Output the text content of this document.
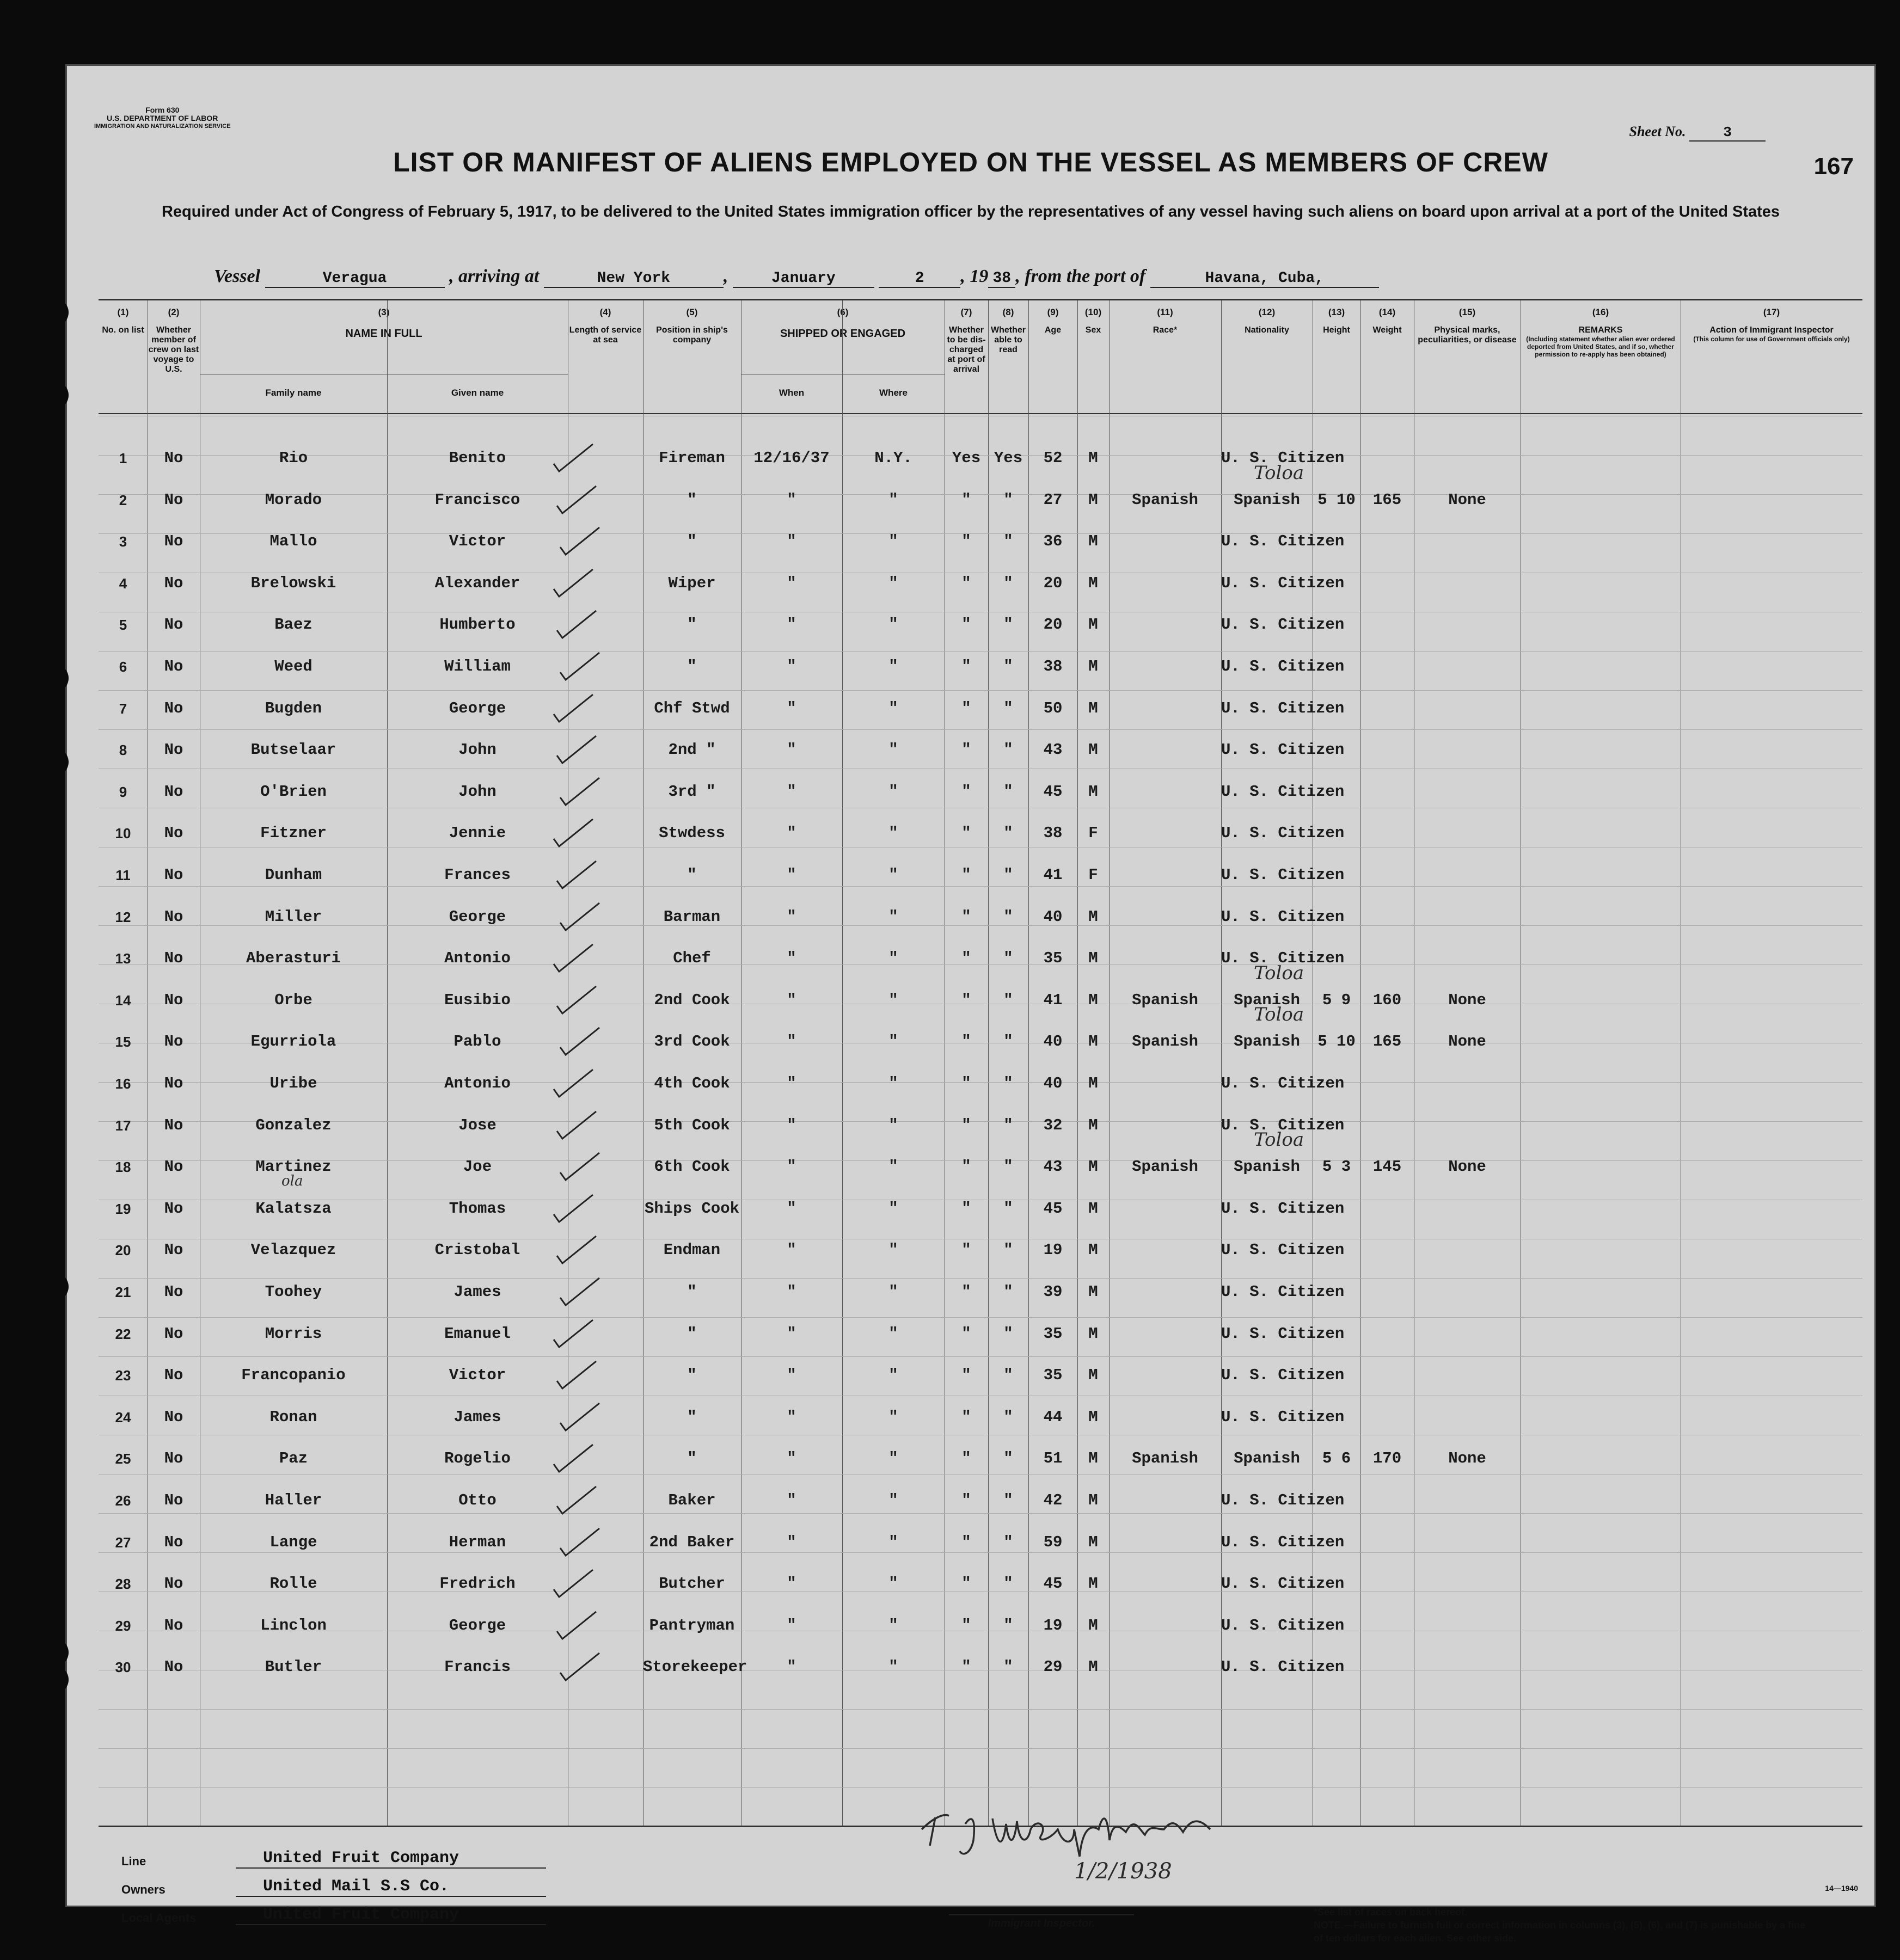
Form 630
U.S. DEPARTMENT OF LABOR
IMMIGRATION AND NATURALIZATION SERVICE	Sheet No.	3
167
LIST OR MANIFEST OF ALIENS EMPLOYED ON THE VESSEL AS MEMBERS OF CREW
Required under Act of Congress of February 5, 1917, to be delivered to the United States immigration officer by the representatives of any vessel having such aliens on board upon arrival at a port of the United States
Vessel	Veragua	, arriving at	New York	,	January	2 , 19 38 , from the port of	Havana, Cuba,
(1)
No. on list
(2)
Whether member of crew on last voyage to U.S.
(3)
NAME IN FULL
(4)
Length of service at sea
(5)
Position in ship's company
(6)
SHIPPED OR ENGAGED
(7)
Whether to be dis-charged at port of arrival
(8)
Whether able to read
(9)
Age
(10)
Sex
(11)
Race*
(12)
Nationality
(13)
Height
(14)
Weight
(15)
Physical marks, peculiarities, or disease
(16)
REMARKS
(Including statement whether alien ever ordered deported from United States, and if so, whether permission to re-apply has been obtained)
(17)
Action of Immigrant Inspector
(This column for use of Government officials only)
Family name	Given name	When	Where
1	No	Rio	Benito	Fireman	12/16/37	N.Y.	Yes Yes	52	M	U. S. Citizen
2	No	Morado	Francisco	"	"	"	"	"	27	M	Spanish	Spanish	5 10	165	None
3	No	Mallo	Victor	"	"	"	"	"	36	M	U. S. Citizen
4	No	Brelowski	Alexander	Wiper	"	"	"	"	20	M	U. S. Citizen
5	No	Baez	Humberto	"	"	"	"	"	20	M	U. S. Citizen
6	No	Weed	William	"	"	"	"	"	38	M	U. S. Citizen
7	No	Bugden	George	Chf Stwd	"	"	"	"	50	M	U. S. Citizen
8	No	Butselaar	John	2nd "	"	"	"	"	43	M	U. S. Citizen
9	No	O'Brien	John	3rd "	"	"	"	"	45	M	U. S. Citizen
10	No	Fitzner	Jennie	Stwdess	"	"	"	"	38	F	U. S. Citizen
11	No	Dunham	Frances	"	"	"	"	"	41	F	U. S. Citizen
12	No	Miller	George	Barman	"	"	"	"	40	M	U. S. Citizen
13	No	Aberasturi	Antonio	Chef	"	"	"	"	35	M	U. S. Citizen
14	No	Orbe	Eusibio	2nd Cook	"	"	"	"	41	M	Spanish	Spanish	5 9	160	None
15	No	Egurriola	Pablo	3rd Cook	"	"	"	"	40	M	Spanish	Spanish	5 10	165	None
16	No	Uribe	Antonio	4th Cook	"	"	"	"	40	M	U. S. Citizen
17	No	Gonzalez	Jose	5th Cook	"	"	"	"	32	M	U. S. Citizen
18	No	Martinez	Joe	6th Cook	"	"	"	"	43	M	Spanish	Spanish	5 3	145	None
19	No	Kalatsza	Thomas	Ships Cook	"	"	"	"	45	M	U. S. Citizen
20	No	Velazquez	Cristobal	Endman	"	"	"	"	19	M	U. S. Citizen
21	No	Toohey	James	"	"	"	"	"	39	M	U. S. Citizen
22	No	Morris	Emanuel	"	"	"	"	"	35	M	U. S. Citizen
23	No	Francopanio	Victor	"	"	"	"	"	35	M	U. S. Citizen
24	No	Ronan	James	"	"	"	"	"	44	M	U. S. Citizen
25	No	Paz	Rogelio	"	"	"	"	"	51	M	Spanish	Spanish	5 6	170	None
26	No	Haller	Otto	Baker	"	"	"	"	42	M	U. S. Citizen
27	No	Lange	Herman	2nd Baker	"	"	"	"	59	M	U. S. Citizen
28	No	Rolle	Fredrich	Butcher	"	"	"	"	45	M	U. S. Citizen
29	No	Linclon	George	Pantryman	"	"	"	"	19	M	U. S. Citizen
30	No	Butler	Francis	Storekeeper	"	"	"	"	29	M	U. S. Citizen
Toloa
Toloa
Toloa
Toloa
ola
1/2/1938
Line	United Fruit Company
Owners	United Mail S.S Co.
Local Agents	United Fruit Company	Immigrant Inspector.
*See list of races on back hereof.
NOTE.—Failure to furnish full or correct information in columns (3), (5), (6), and (7) is punishable by a fine of ten dollars for each alien. See other side.
14—1940
